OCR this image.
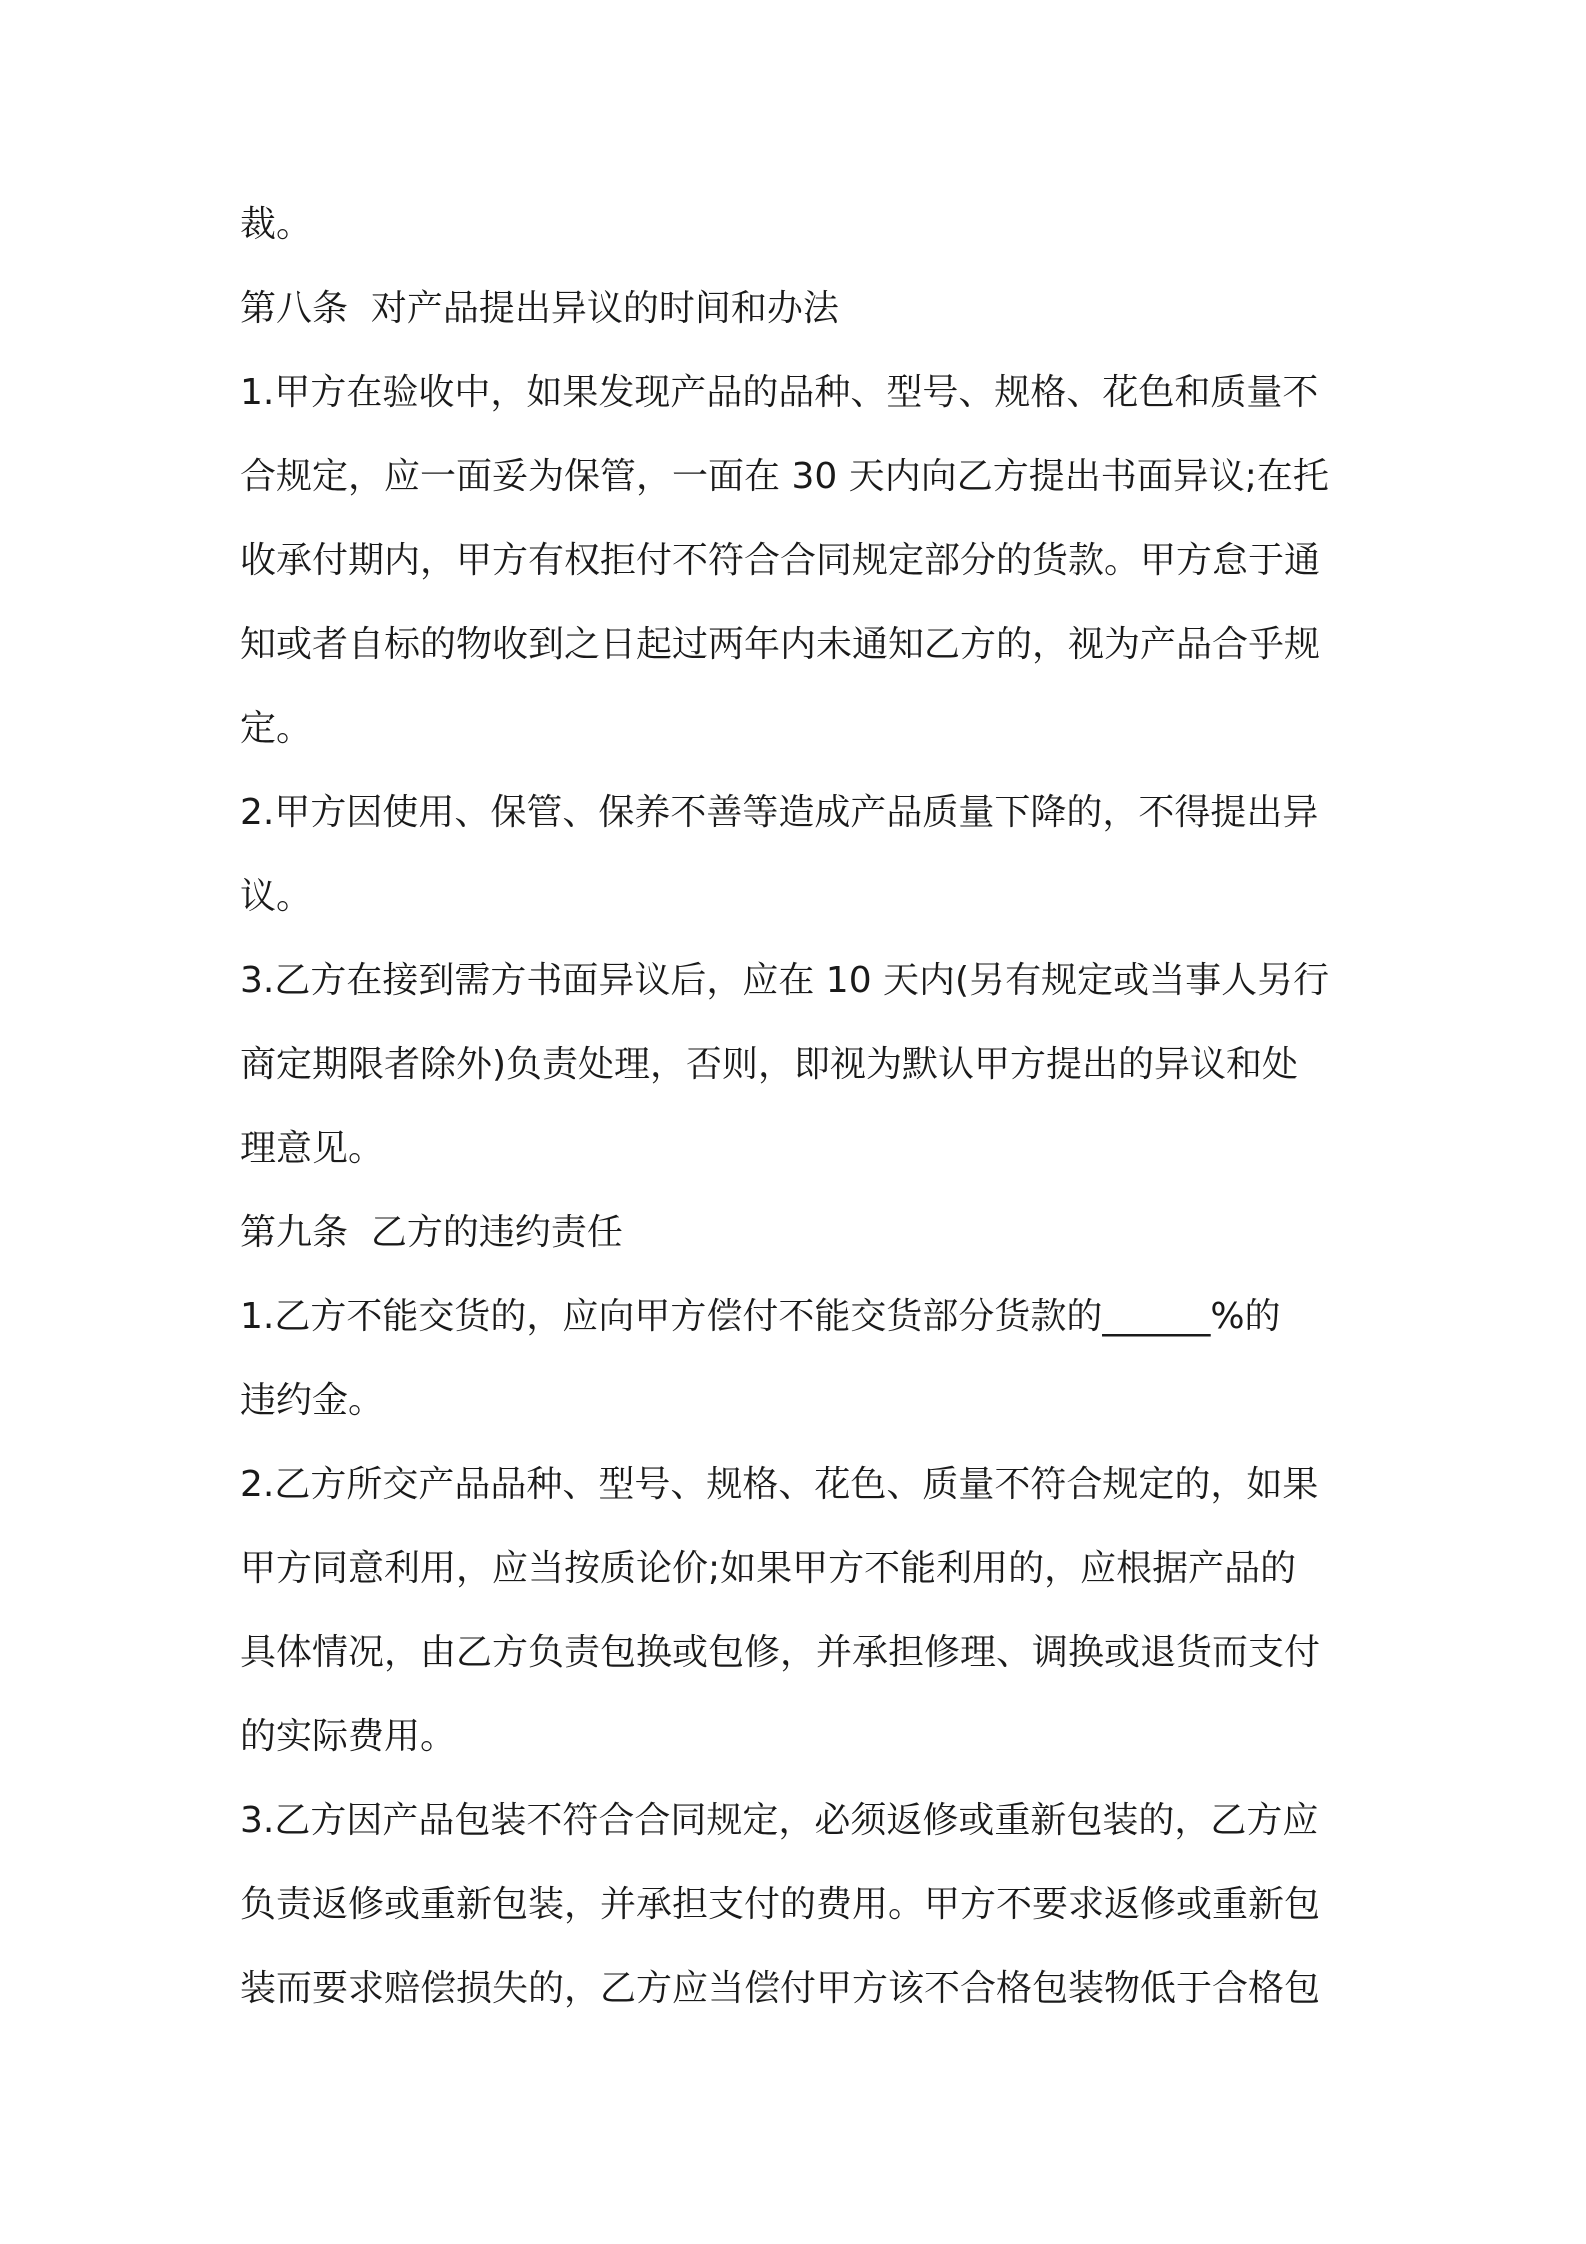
裁。
第八条  对产品提出异议的时间和办法
1.甲方在验收中，如果发现产品的品种、型号、规格、花色和质量不
合规定，应一面妥为保管，一面在 30 天内向乙方提出书面异议;在托
收承付期内，甲方有权拒付不符合合同规定部分的货款。甲方怠于通
知或者自标的物收到之日起过两年内未通知乙方的，视为产品合乎规
定。
2.甲方因使用、保管、保养不善等造成产品质量下降的，不得提出异
议。
3.乙方在接到需方书面异议后，应在 10 天内(另有规定或当事人另行
商定期限者除外)负责处理，否则，即视为默认甲方提出的异议和处
理意见。
第九条  乙方的违约责任
1.乙方不能交货的，应向甲方偿付不能交货部分货款的______%的
违约金。
2.乙方所交产品品种、型号、规格、花色、质量不符合规定的，如果
甲方同意利用，应当按质论价;如果甲方不能利用的，应根据产品的
具体情况，由乙方负责包换或包修，并承担修理、调换或退货而支付
的实际费用。
3.乙方因产品包装不符合合同规定，必须返修或重新包装的，乙方应
负责返修或重新包装，并承担支付的费用。甲方不要求返修或重新包
装而要求赔偿损失的，乙方应当偿付甲方该不合格包装物低于合格包
